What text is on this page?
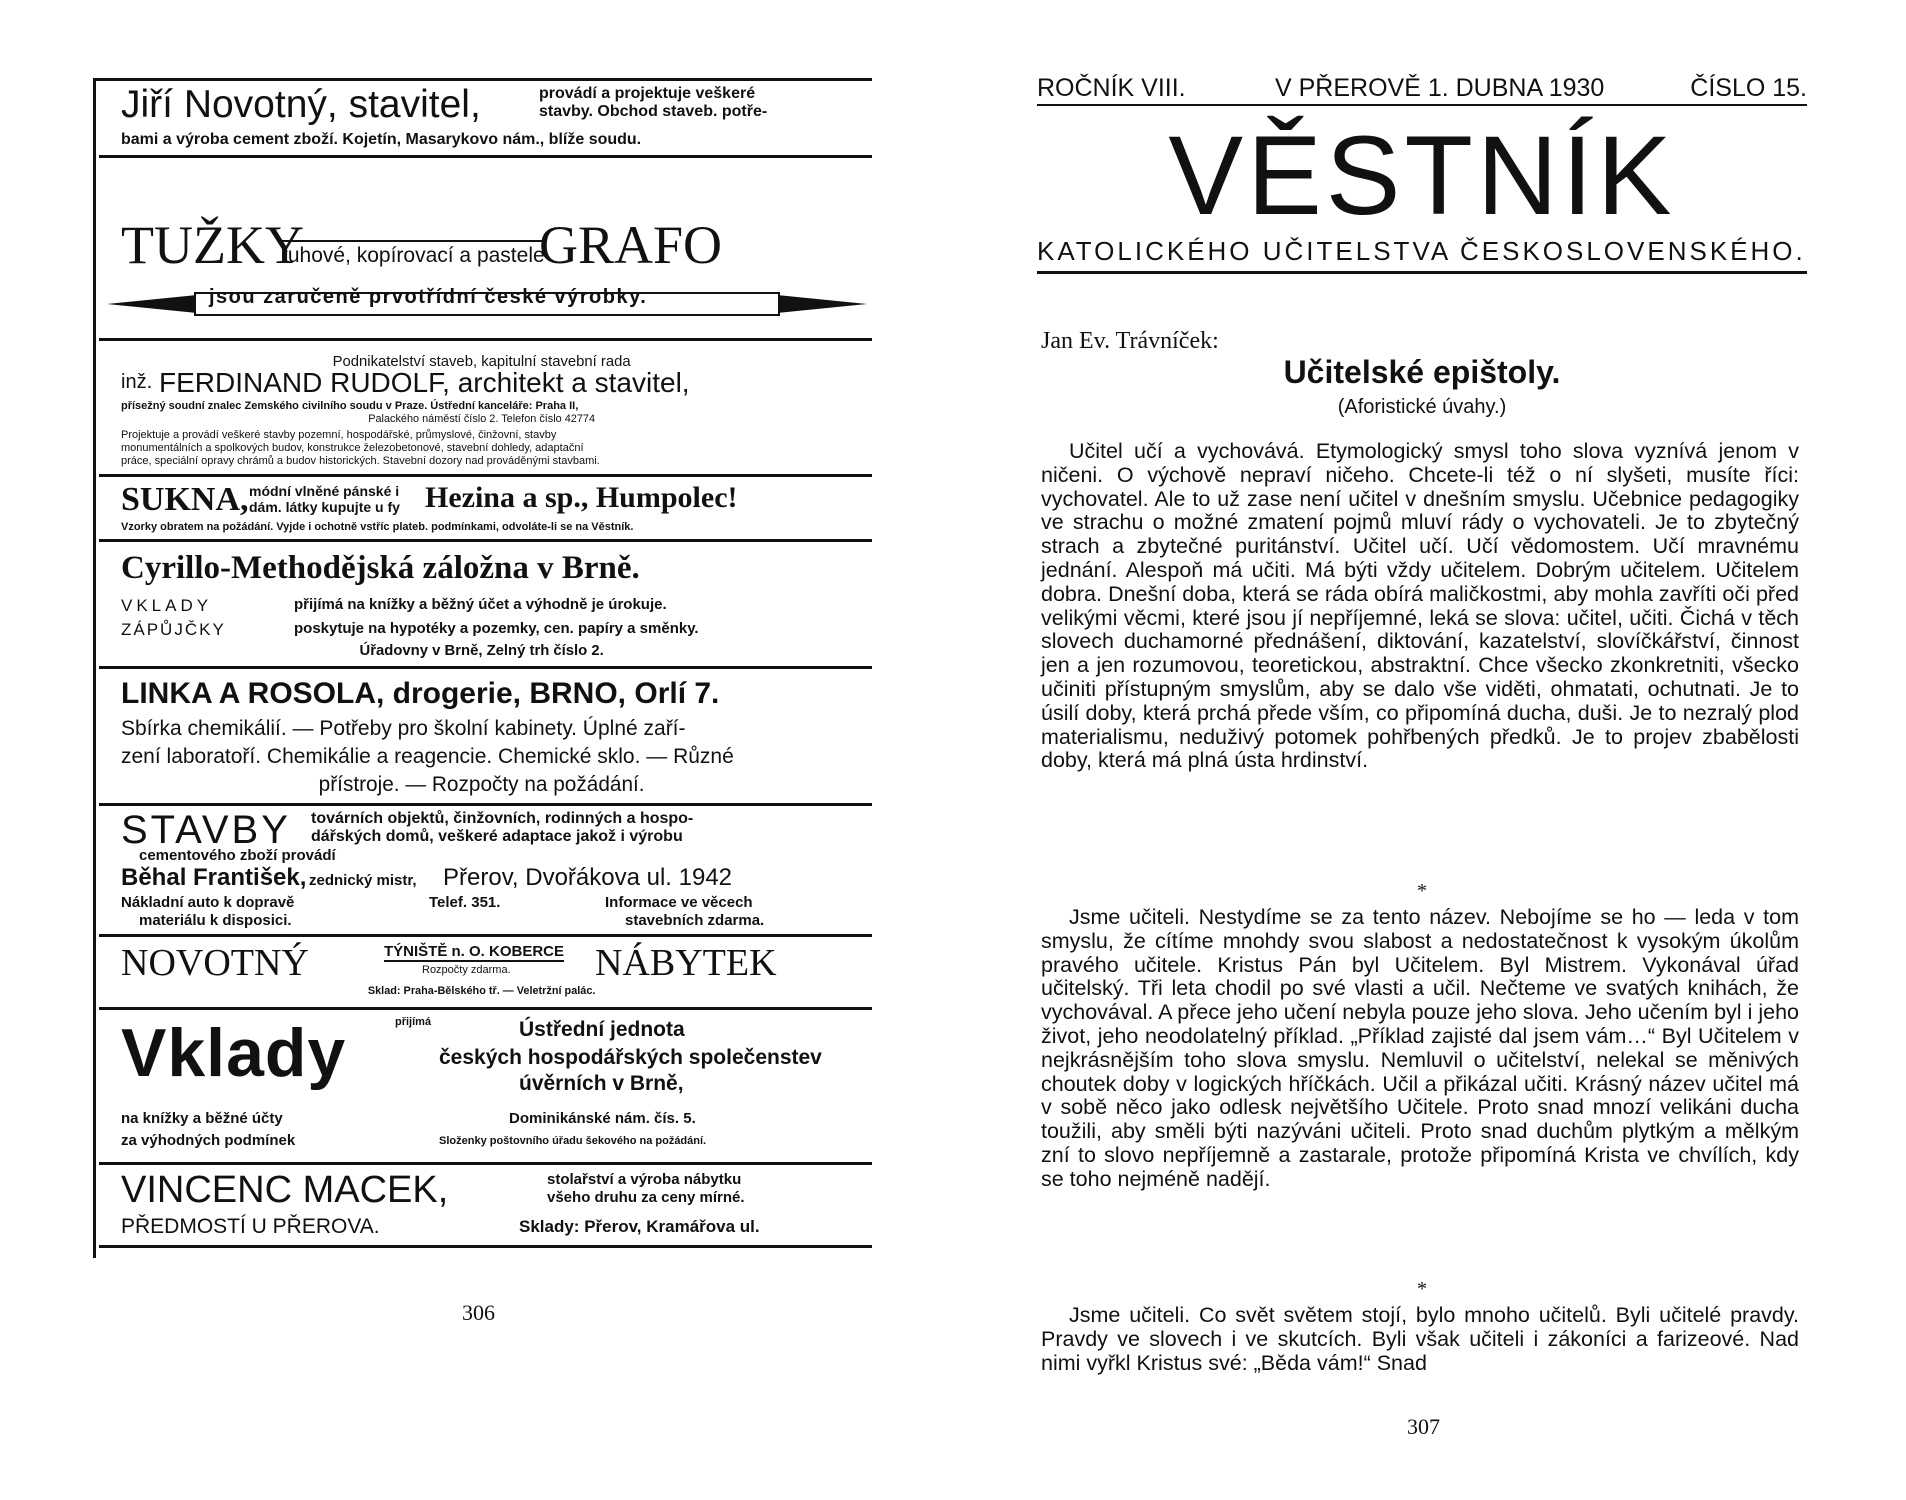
Jiří Novotný, stavitel,	provádí a projektuje veškeré
stavby. Obchod staveb. potře-
bami a výroba cement zboží. Kojetín, Masarykovo nám., blíže soudu.
TUŽKY
tuhové, kopírovací a pastele
GRAFO
jsou zaručeně prvotřídní české výrobky.
Podnikatelství staveb, kapitulní stavební rada
inž. FERDINAND RUDOLF, architekt a stavitel,
přísežný soudní znalec Zemského civilního soudu v Praze. Ústřední kanceláře: Praha II,
Palackého náměstí číslo 2. Telefon číslo 42774
Projektuje a provádí veškeré stavby pozemní, hospodářské, průmyslové, činžovní, stavby
monumentálních a spolkových budov, konstrukce železobetonové, stavební dohledy, adaptační
práce, speciální opravy chrámů a budov historických. Stavební dozory nad prováděnými stavbami.
SUKNA, módní vlněné pánské i
dám. látky kupujte u fy Hezina a sp., Humpolec!
Vzorky obratem na požádání. Vyjde i ochotně vstříc plateb. podmínkami, odvoláte-li se na Věstník.
Cyrillo-Methodějská záložna v Brně.
VKLADY	přijímá na knížky a běžný účet a výhodně je úrokuje.
ZÁPŮJČKY	poskytuje na hypotéky a pozemky, cen. papíry a směnky.
Úřadovny v Brně, Zelný trh číslo 2.
LINKA A ROSOLA, drogerie, BRNO, Orlí 7.
Sbírka chemikálií. — Potřeby pro školní kabinety. Úplné zaří-
zení laboratoří. Chemikálie a reagencie. Chemické sklo. — Různé
přístroje. — Rozpočty na požádání.
STAVBY továrních objektů, činžovních, rodinných a hospo-
dářských domů, veškeré adaptace jakož i výrobu
cementového zboží provádí
Běhal František, zednický mistr, Přerov, Dvořákova ul. 1942
Nákladní auto k dopravě
materiálu k disposici.
Telef. 351.	Informace ve věcech
stavebních zdarma.
NOVOTNÝ	TÝNIŠTĚ n. O. KOBERCE
Rozpočty zdarma. NÁBYTEK
Sklad: Praha-Bělského tř. — Veletržní palác.
Vklady	přijímá	Ústřední jednota
českých hospodářských společenstev
úvěrních v Brně,
na knížky a běžné účty
za výhodných podmínek
Dominikánské nám. čís. 5.
Složenky poštovního úřadu šekového na požádání.
VINCENC MACEK,	stolařství a výroba nábytku
všeho druhu za ceny mírné.
PŘEDMOSTÍ U PŘEROVA.	Sklady: Přerov, Kramářova ul.
306
ROČNÍK VIII.	V PŘEROVĚ 1. DUBNA 1930	ČÍSLO 15.
VĚSTNÍK
KATOLICKÉHO UČITELSTVA ČESKOSLOVENSKÉHO.
Jan Ev. Trávníček:
Učitelské epištoly.
(Aforistické úvahy.)

Učitel učí a vychovává. Etymologický smysl toho slova vyznívá jenom v ničeni. O výchově nepraví ničeho. Chcete-li též o ní slyšeti, musíte říci: vychovatel. Ale to už zase není učitel v dnešním smyslu. Učebnice pedagogiky ve strachu o možné zmatení pojmů mluví rády o vychovateli. Je to zbytečný strach a zbytečné puritánství. Učitel učí. Učí vědomostem. Učí mravnému jednání. Alespoň má učiti. Má býti vždy učitelem. Dobrým učitelem. Učitelem dobra. Dnešní doba, která se ráda obírá maličkostmi, aby mohla zavříti oči před velikými věcmi, které jsou jí nepříjemné, leká se slova: učitel, učiti. Čichá v těch slovech duchamorné přednášení, diktování, kazatelství, slovíčkářství, činnost jen a jen rozumovou, teoretickou, abstraktní. Chce všecko zkonkretniti, všecko učiniti přístupným smyslům, aby se dalo vše viděti, ohmatati, ochutnati. Je to úsilí doby, která prchá přede vším, co připomíná ducha, duši. Je to nezralý plod materialismu, neduživý potomek pohřbených předků. Je to projev zbabělosti doby, která má plná ústa hrdinství.

*

Jsme učiteli. Nestydíme se za tento název. Nebojíme se ho — leda v tom smyslu, že cítíme mnohdy svou slabost a nedostatečnost k vysokým úkolům pravého učitele. Kristus Pán byl Učitelem. Byl Mistrem. Vykonával úřad učitelský. Tři leta chodil po své vlasti a učil. Nečteme ve svatých knihách, že vychovával. A přece jeho učení nebyla pouze jeho slova. Jeho učením byl i jeho život, jeho neodolatelný příklad. „Příklad zajisté dal jsem vám…“ Byl Učitelem v nejkrásnějším toho slova smyslu. Nemluvil o učitelství, nelekal se měnivých choutek doby v logických hříčkách. Učil a přikázal učiti. Krásný název učitel má v sobě něco jako odlesk největšího Učitele. Proto snad mnozí velikáni ducha toužili, aby směli býti nazýváni učiteli. Proto snad duchům plytkým a mělkým zní to slovo nepříjemně a zastarale, protože připomíná Krista ve chvílích, kdy se toho nejméně nadějí.

*

Jsme učiteli. Co svět světem stojí, bylo mnoho učitelů. Byli učitelé pravdy. Pravdy ve slovech i ve skutcích. Byli však učiteli i zákoníci a farizeové. Nad nimi vyřkl Kristus své: „Běda vám!“ Snad

307
